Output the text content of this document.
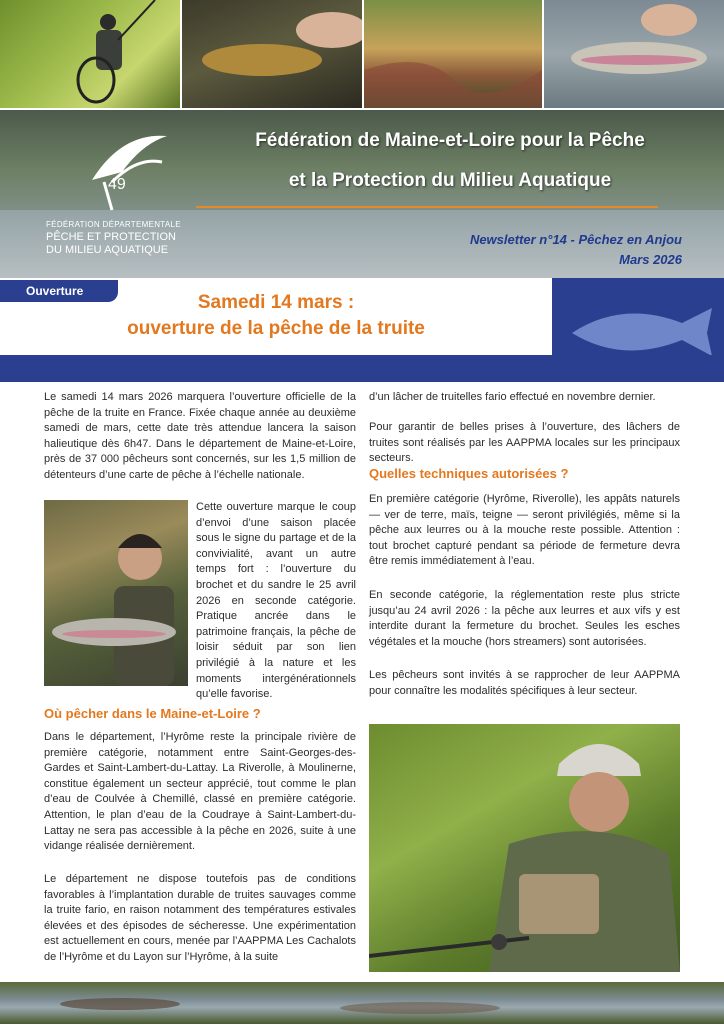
49
FÉDÉRATION DÉPARTEMENTALE
PÊCHE ET PROTECTION
DU MILIEU AQUATIQUE
Fédération de Maine-et-Loire pour la Pêche
et la Protection du Milieu Aquatique
Newsletter n°14 - Pêchez en Anjou
Mars 2026
Ouverture
Samedi 14 mars :
ouverture de la pêche de la truite
Le samedi 14 mars 2026 marquera l’ouverture officielle de la pêche de la truite en France. Fixée chaque année au deuxième samedi de mars, cette date très attendue lancera la saison halieutique dès 6h47. Dans le département de Maine-et-Loire, près de 37 000 pêcheurs sont concernés, sur les 1,5 million de détenteurs d’une carte de pêche à l’échelle nationale.
Cette ouverture marque le coup d’envoi d’une saison placée sous le signe du partage et de la convivialité, avant un autre temps fort : l’ouverture du brochet et du sandre le 25 avril 2026 en seconde catégorie. Pratique ancrée dans le patrimoine français, la pêche de loisir séduit par son lien privilégié à la nature et les moments intergénérationnels qu’elle favorise.
Où pêcher dans le Maine-et-Loire ?
Dans le département, l’Hyrôme reste la principale rivière de première catégorie, notamment entre Saint-Georges-des-Gardes et Saint-Lambert-du-Lattay. La Riverolle, à Moulinerne, constitue également un secteur apprécié, tout comme le plan d’eau de Coulvée à Chemillé, classé en première catégorie. Attention, le plan d’eau de la Coudraye à Saint-Lambert-du-Lattay ne sera pas accessible à la pêche en 2026, suite à une vidange réalisée dernièrement.
Le département ne dispose toutefois pas de conditions favorables à l’implantation durable de truites sauvages comme la truite fario, en raison notamment des températures estivales élevées et des épisodes de sécheresse. Une expérimentation est actuellement en cours, menée par l’AAPPMA Les Cachalots de l’Hyrôme et du Layon sur l’Hyrôme, à la suite
d’un lâcher de truitelles fario effectué en novembre dernier.
Pour garantir de belles prises à l’ouverture, des lâchers de truites sont réalisés par les AAPPMA locales sur les principaux secteurs.
Quelles techniques autorisées ?
En première catégorie (Hyrôme, Riverolle), les appâts naturels — ver de terre, maïs, teigne — seront privilégiés, même si la pêche aux leurres ou à la mouche reste possible. Attention : tout brochet capturé pendant sa période de fermeture devra être remis immédiatement à l’eau.
En seconde catégorie, la réglementation reste plus stricte jusqu’au 24 avril 2026 : la pêche aux leurres et aux vifs y est interdite durant la fermeture du brochet. Seules les esches végétales et la mouche (hors streamers) sont autorisées.
Les pêcheurs sont invités à se rapprocher de leur AAPPMA pour connaître les modalités spécifiques à leur secteur.
